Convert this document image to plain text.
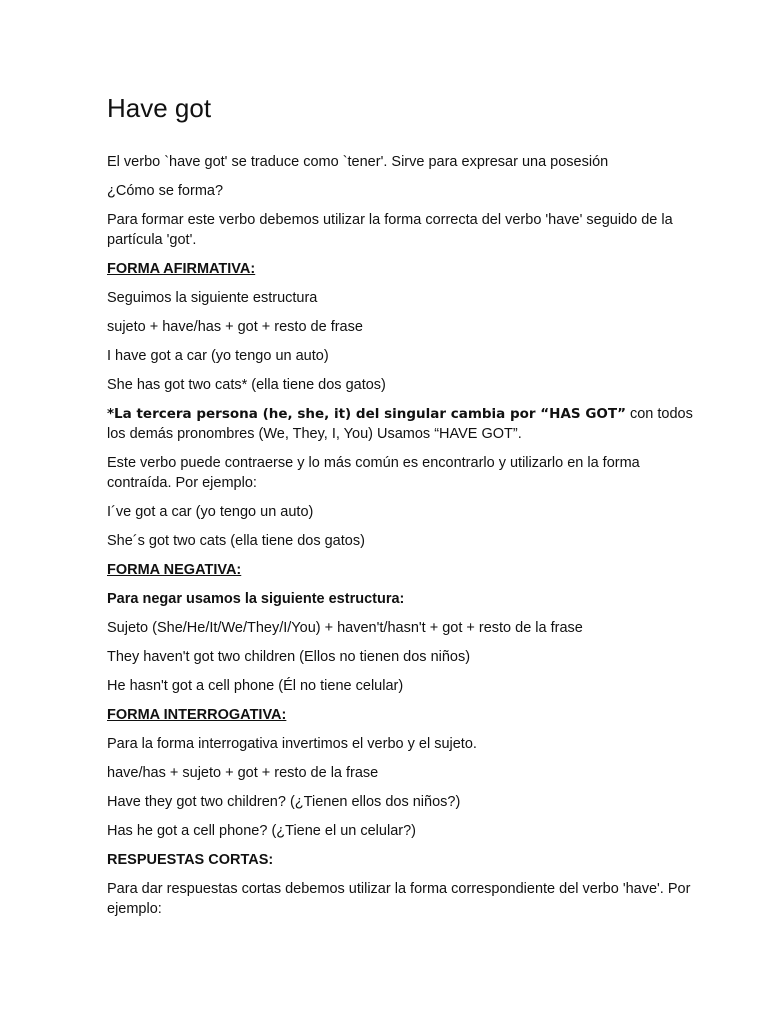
Have got

El verbo `have got' se traduce como `tener'. Sirve para expresar una posesión

¿Cómo se forma?

Para formar este verbo debemos utilizar la forma correcta del verbo 'have' seguido de la partícula 'got'.

FORMA AFIRMATIVA:

Seguimos la siguiente estructura

sujeto + have/has + got + resto de frase

I have got a car (yo tengo un auto)

She has got two cats* (ella tiene dos gatos)

*La tercera persona (he, she, it) del singular cambia por “HAS GOT” con todos los demás pronombres (We, They, I, You) Usamos “HAVE GOT”.

Este verbo puede contraerse y lo más común es encontrarlo y utilizarlo en la forma contraída. Por ejemplo:

I´ve got a car (yo tengo un auto)

She´s got two cats (ella tiene dos gatos)

FORMA NEGATIVA:

Para negar usamos la siguiente estructura:

Sujeto (She/He/It/We/They/I/You) + haven't/hasn't + got + resto de la frase

They haven't got two children (Ellos no tienen dos niños)

He hasn't got a cell phone (Él no tiene celular)

FORMA INTERROGATIVA:

Para la forma interrogativa invertimos el verbo y el sujeto.

have/has + sujeto + got + resto de la frase

Have they got two children? (¿Tienen ellos dos niños?)

Has he got a cell phone? (¿Tiene el un celular?)

RESPUESTAS CORTAS:

Para dar respuestas cortas debemos utilizar la forma correspondiente del verbo 'have'. Por ejemplo:
